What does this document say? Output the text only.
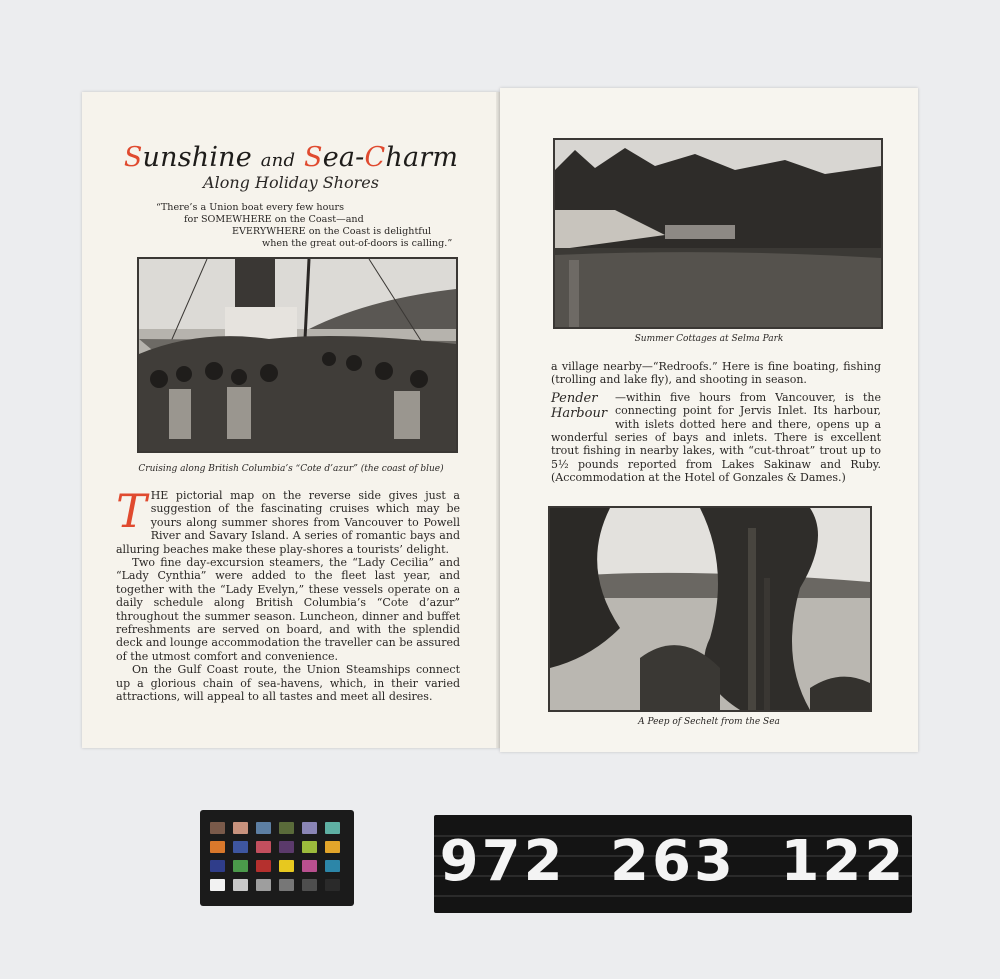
Sunshine and Sea-Charm
Along Holiday Shores
“There’s a Union boat every few hours
for SOMEWHERE on the Coast—and
EVERYWHERE on the Coast is delightful
when the great out-of-doors is calling.”
Cruising along British Columbia’s “Cote d’azur” (the coast of blue)

THE pictorial map on the reverse side gives just a suggestion of the fascinating cruises which may be yours along summer shores from Vancouver to Powell River and Savary Island. A series of romantic bays and alluring beaches make these play-shores a tourists’ delight.

Two fine day-excursion steamers, the “Lady Cecilia” and “Lady Cynthia” were added to the fleet last year, and together with the “Lady Evelyn,” these vessels operate on a daily schedule along British Columbia’s “Cote d’azur” throughout the summer season. Luncheon, dinner and buffet refreshments are served on board, and with the splendid deck and lounge accommodation the traveller can be assured of the utmost comfort and convenience.

On the Gulf Coast route, the Union Steamships connect up a glorious chain of sea-havens, which, in their varied attractions, will appeal to all tastes and meet all desires.

Summer Cottages at Selma Park

a village nearby—“Redroofs.” Here is fine boating, fishing (trolling and lake fly), and shooting in season.

Pender Harbour
—within five hours from Vancouver, is the connecting point for Jervis Inlet. Its harbour, with islets dotted here and there, opens up a wonderful series of bays and inlets. There is excellent trout fishing in nearby lakes, with “cut-throat” trout up to 5½ pounds reported from Lakes Sakinaw and Ruby. (Accommodation at the Hotel of Gonzales & Dames.)

A Peep of Sechelt from the Sea
972 263 122
